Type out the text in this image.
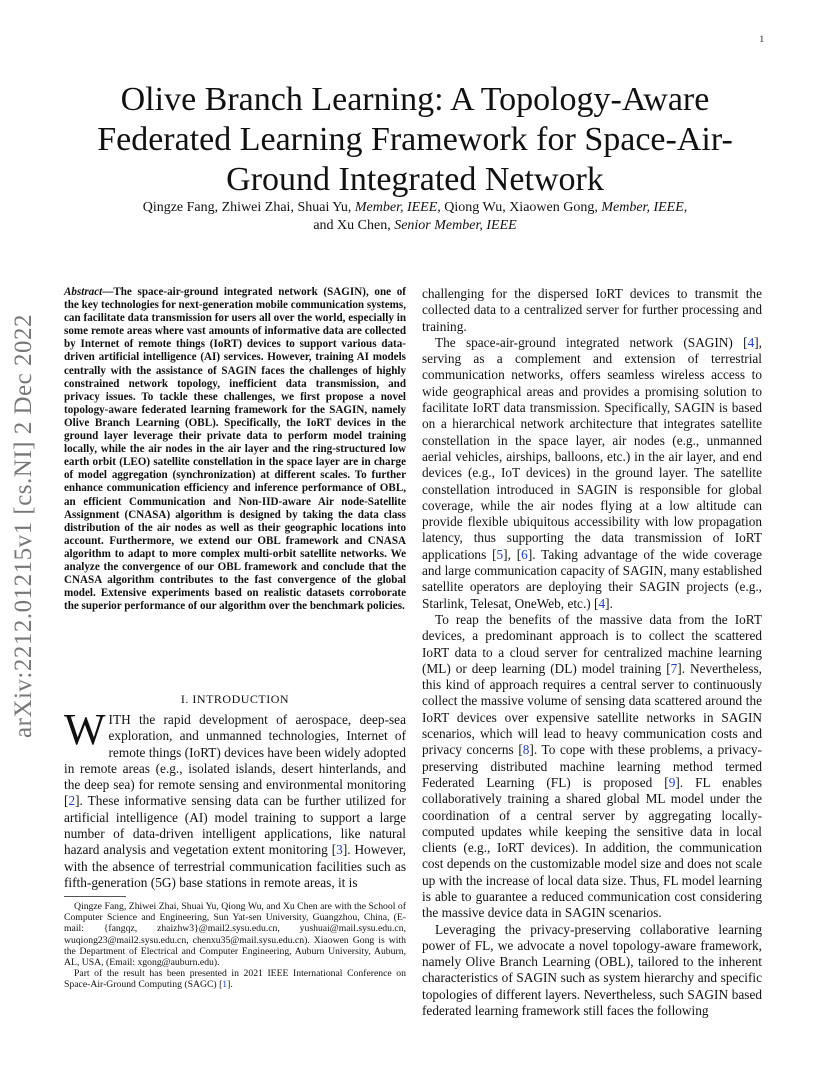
1
arXiv:2212.01215v1 [cs.NI] 2 Dec 2022
Olive Branch Learning: A Topology-Aware Federated Learning Framework for Space-Air-Ground Integrated Network
Qingze Fang, Zhiwei Zhai, Shuai Yu, Member, IEEE, Qiong Wu, Xiaowen Gong, Member, IEEE,
and Xu Chen, Senior Member, IEEE

Abstract—The space-air-ground integrated network (SAGIN), one of the key technologies for next-generation mobile communication systems, can facilitate data transmission for users all over the world, especially in some remote areas where vast amounts of informative data are collected by Internet of remote things (IoRT) devices to support various data-driven artificial intelligence (AI) services. However, training AI models centrally with the assistance of SAGIN faces the challenges of highly constrained network topology, inefficient data transmission, and privacy issues. To tackle these challenges, we first propose a novel topology-aware federated learning framework for the SAGIN, namely Olive Branch Learning (OBL). Specifically, the IoRT devices in the ground layer leverage their private data to perform model training locally, while the air nodes in the air layer and the ring-structured low earth orbit (LEO) satellite constellation in the space layer are in charge of model aggregation (synchronization) at different scales. To further enhance communication efficiency and inference performance of OBL, an efficient Communication and Non-IID-aware Air node-Satellite Assignment (CNASA) algorithm is designed by taking the data class distribution of the air nodes as well as their geographic locations into account. Furthermore, we extend our OBL framework and CNASA algorithm to adapt to more complex multi-orbit satellite networks. We analyze the convergence of our OBL framework and conclude that the CNASA algorithm contributes to the fast convergence of the global model. Extensive experiments based on realistic datasets corroborate the superior performance of our algorithm over the benchmark policies.

I. INTRODUCTION

WITH the rapid development of aerospace, deep-sea exploration, and unmanned technologies, Internet of remote things (IoRT) devices have been widely adopted in remote areas (e.g., isolated islands, desert hinterlands, and the deep sea) for remote sensing and environmental monitoring [ 2 ] . These informative sensing data can be further utilized for artificial intelligence (AI) model training to support a large number of data-driven intelligent applications, like natural hazard analysis and vegetation extent monitoring [ 3 ] . However, with the absence of terrestrial communication facilities such as fifth-generation (5G) base stations in remote areas, it is

Qingze Fang, Zhiwei Zhai, Shuai Yu, Qiong Wu, and Xu Chen are with the School of Computer Science and Engineering, Sun Yat-sen University, Guangzhou, China, (E-mail: {fangqz, zhaizhw3}@mail2.sysu.edu.cn, yushuai@mail.sysu.edu.cn, wuqiong23@mail2.sysu.edu.cn, chenxu35@mail.sysu.edu.cn). Xiaowen Gong is with the Department of Electrical and Computer Engineering, Auburn University, Auburn, AL, USA, (Email: xgong@auburn.edu).

Part of the result has been presented in 2021 IEEE International Conference on Space-Air-Ground Computing (SAGC) [ 1 ] .

challenging for the dispersed IoRT devices to transmit the collected data to a centralized server for further processing and training.

The space-air-ground integrated network (SAGIN) [ 4 ] , serving as a complement and extension of terrestrial communication networks, offers seamless wireless access to wide geographical areas and provides a promising solution to facilitate IoRT data transmission. Specifically, SAGIN is based on a hierarchical network architecture that integrates satellite constellation in the space layer, air nodes (e.g., unmanned aerial vehicles, airships, balloons, etc.) in the air layer, and end devices (e.g., IoT devices) in the ground layer. The satellite constellation introduced in SAGIN is responsible for global coverage, while the air nodes flying at a low altitude can provide flexible ubiquitous accessibility with low propagation latency, thus supporting the data transmission of IoRT applications [ 5 ] , [ 6 ] . Taking advantage of the wide coverage and large communication capacity of SAGIN, many established satellite operators are deploying their SAGIN projects (e.g., Starlink, Telesat, OneWeb, etc.) [ 4 ] .

To reap the benefits of the massive data from the IoRT devices, a predominant approach is to collect the scattered IoRT data to a cloud server for centralized machine learning (ML) or deep learning (DL) model training [ 7 ] . Nevertheless, this kind of approach requires a central server to continuously collect the massive volume of sensing data scattered around the IoRT devices over expensive satellite networks in SAGIN scenarios, which will lead to heavy communication costs and privacy concerns [ 8 ] . To cope with these problems, a privacy-preserving distributed machine learning method termed Federated Learning (FL) is proposed [ 9 ] . FL enables collaboratively training a shared global ML model under the coordination of a central server by aggregating locally-computed updates while keeping the sensitive data in local clients (e.g., IoRT devices). In addition, the communication cost depends on the customizable model size and does not scale up with the increase of local data size. Thus, FL model learning is able to guarantee a reduced communication cost considering the massive device data in SAGIN scenarios.

Leveraging the privacy-preserving collaborative learning power of FL, we advocate a novel topology-aware framework, namely Olive Branch Learning (OBL), tailored to the inherent characteristics of SAGIN such as system hierarchy and specific topologies of different layers. Nevertheless, such SAGIN based federated learning framework still faces the following
